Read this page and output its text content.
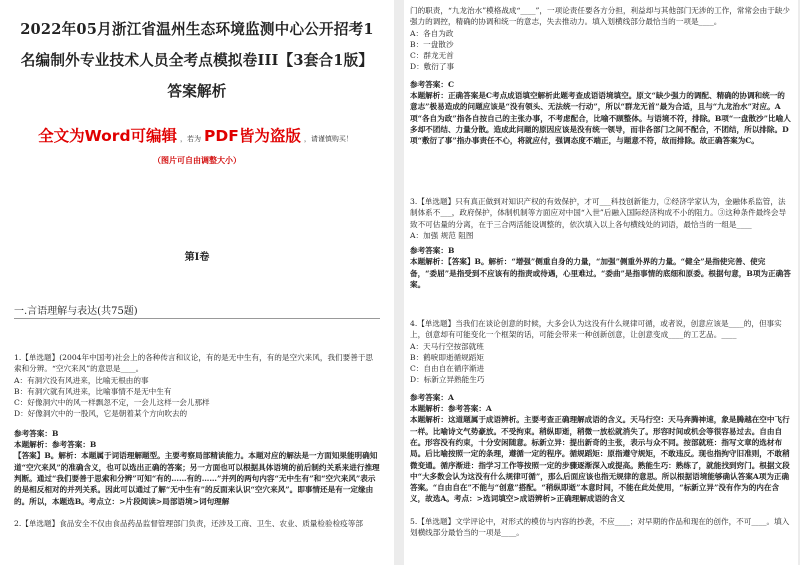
2022年05月浙江省温州生态环境监测中心公开招考1名编制外专业技术人员全考点模拟卷III【3套合1版】答案解析
全文为Word可编辑 ，若为 PDF皆为盗版 ，请谨慎购买！
（图片可自由调整大小）
第I卷
一.言语理解与表达(共75题)

1.【单选题】(2004年中国考)社会上的各种传言和议论，有的是无中生有，有的是空穴来风，我们要善于思索和分辨。“空穴来风”的意思是____。

A：有洞穴没有风进来，比喻无根由的事

B：有洞穴就有风进来，比喻事情不是无中生有

C：好像洞穴中的风一样飘忽不定，一会儿这样一会儿那样

D：好像洞穴中的一股风，它是朝着某个方向吹去的

参考答案：B

本题解析：参考答案：B

【答案】B。解析：本题属于词语理解题型。主要考察局部精读能力。本题对应的解法是一方面知果能明确知道“空穴来风”的准确含义，也可以选出正确的答案；另一方面也可以根据具体语境的前后制约关系来进行推理判断。通过“我们要善于思索和分辨”可知“有的……有的……”并列的两句内容“无中生有”和“空穴来风”表示的是相反相对的并列关系。因此可以通过了解“无中生有”的反面来认识“空穴来风”。即事情还是有一定缘由的。所以，本题选B。考点立：>片段阅读>局部语境>词句理解

2.【单选题】食品安全不仅由食品药品监督管理部门负责，还涉及工商、卫生、农业、质量检验检疫等部

门的职责，“九龙治水”模格战成“____”，一项论责任要各方分担，利益却与其他部门无涉的工作，常常会由于缺少强力的调控，精确的协调和统一的意志，失去推动力。填入划横线部分最恰当的一项是____。

A：各自为政

B：一盘散沙

C：群龙无首

D：敷衍了事

参考答案：C

本题解析：正确答案是C考点成语填空解析此题考查成语语境填空。原文“缺少强力的调配、精确的协调和统一的意志”极易造成的问题应该是“没有领头、无法统一行动”，所以“群龙无首”最为合适，且与“九龙治水”对应。A项“各自为政”指各自按自己的主张办事，不考虑配合，比喻不顾整体。与语境不符，排除。B项“一盘散沙”比喻人多却不团结、力量分散。造成此问题的原因应该是没有统一领导，而非各部门之间不配合，不团结，所以排除。D项“敷衍了事”指办事责任不心，将就应付，强调态度不端正，与题意不符，故而排除。故正确答案为C。

3.【单选题】只有真正做到对知识产权的有效保护，才可___科技创新能力，②经济学家认为，金融体系监管，法制体系不___，政府保护，体制机制等方面应对中国“入世”后融入国际经济构成不小的阻力。③这种条件最终会导致不可估量的分离，在于三合两活能设调整的，依次填入以上各句横线处的词语，最恰当的一组是____

A：加强 规范 阻图

参考答案：B

本题解析：【答案】B。解析：“增强”侧重自身的力量，“加强”侧重外界的力量。“健全”是指使完善、使完备，“委屈”是指受到不应该有的指责或待遇，心里难过。“委曲”是指事情的底细和原委。根据句意，B项为正确答案。

4.【单选题】当我们在谈论创意的时候，大多会认为这没有什么规律可循，或者说，创意应该是____的，但事实上，创意却有可能变化一个框架的话，可能会带来一种创新创意，让创意变成____的工艺品。____

A：天马行空按部就班

B：鹤唳即逝循规蹈矩

C：自由自在循序渐进

D：标新立异熟能生巧

参考答案：A

本题解析：参考答案：A

本题解析：这道题属于成语辨析。主要考查正确理解成语的含义。天马行空：天马奔腾神速，象是腾越在空中飞行一样。比喻诗文气势豪放。不受拘束。稍纵即逝，稍微一放松就消失了。形容时间或机会等很容易过去。自由自在。形容没有约束，十分安闲随意。标新立异：提出新奇的主张，表示与众不同。按部就班：指写文章的选材布局。后比喻按照一定的条理，遵循一定的程序。循规蹈矩：原指遵守规矩，不敢违反。现也指拘守旧准则，不敢稍微变通。循序渐进：指学习工作等按照一定的步骤逐渐深入或提高。熟能生巧：熟练了，就能找到窍门。根据文段中“大多数会认为这没有什么规律可循”，那么后面应该也指无规律的意思。所以根据语境能够确认答案A项为正确答案。“自由自在”不能与“创意”搭配。“稍纵即逝”本意时间，不能在此处使用，“标新立异”没有作为的内在含义，故选A。考点：>选词填空>成语辨析>正确理解成语的含义

5.【单选题】文学评论中，对形式的模仿与内容的抄袭，不应____；对早期的作品和现在的创作，不可____。填入划横线部分最恰当的一项是____。
